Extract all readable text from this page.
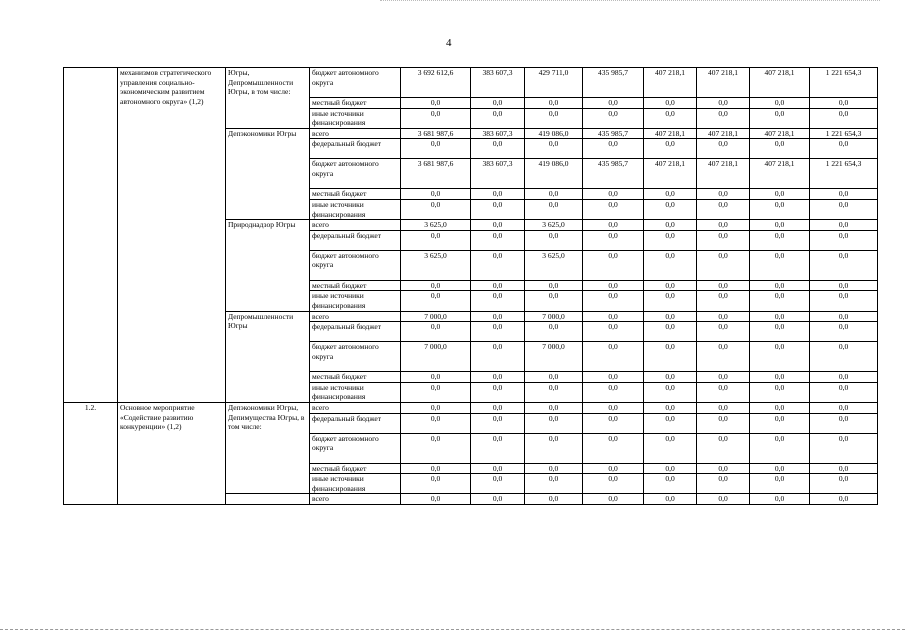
4
	механизмов стратегического управления социально-экономическим развитием автономного округа» (1,2)	Югры, Депромышленности Югры, в том числе:	бюджет автономного округа	3 692 612,6	383 607,3	429 711,0	435 985,7	407 218,1	407 218,1	407 218,1	1 221 654,3
			местный бюджет	0,0	0,0	0,0	0,0	0,0	0,0	0,0	0,0
			иные источники финансирования	0,0	0,0	0,0	0,0	0,0	0,0	0,0	0,0
		Депэкономики Югры	всего	3 681 987,6	383 607,3	419 086,0	435 985,7	407 218,1	407 218,1	407 218,1	1 221 654,3
			федеральный бюджет	0,0	0,0	0,0	0,0	0,0	0,0	0,0	0,0
			бюджет автономного округа	3 681 987,6	383 607,3	419 086,0	435 985,7	407 218,1	407 218,1	407 218,1	1 221 654,3
			местный бюджет	0,0	0,0	0,0	0,0	0,0	0,0	0,0	0,0
			иные источники финансирования	0,0	0,0	0,0	0,0	0,0	0,0	0,0	0,0
		Природнадзор Югры	всего	3 625,0	0,0	3 625,0	0,0	0,0	0,0	0,0	0,0
			федеральный бюджет	0,0	0,0	0,0	0,0	0,0	0,0	0,0	0,0
			бюджет автономного округа	3 625,0	0,0	3 625,0	0,0	0,0	0,0	0,0	0,0
			местный бюджет	0,0	0,0	0,0	0,0	0,0	0,0	0,0	0,0
			иные источники финансирования	0,0	0,0	0,0	0,0	0,0	0,0	0,0	0,0
		Депромышленности Югры	всего	7 000,0	0,0	7 000,0	0,0	0,0	0,0	0,0	0,0
			федеральный бюджет	0,0	0,0	0,0	0,0	0,0	0,0	0,0	0,0
			бюджет автономного округа	7 000,0	0,0	7 000,0	0,0	0,0	0,0	0,0	0,0
			местный бюджет	0,0	0,0	0,0	0,0	0,0	0,0	0,0	0,0
			иные источники финансирования	0,0	0,0	0,0	0,0	0,0	0,0	0,0	0,0
1.2.	Основное мероприятие «Содействие развитию конкуренции» (1,2)	Депэкономики Югры, Депимущества Югры, в том числе:	всего	0,0	0,0	0,0	0,0	0,0	0,0	0,0	0,0
			федеральный бюджет	0,0	0,0	0,0	0,0	0,0	0,0	0,0	0,0
			бюджет автономного округа	0,0	0,0	0,0	0,0	0,0	0,0	0,0	0,0
			местный бюджет	0,0	0,0	0,0	0,0	0,0	0,0	0,0	0,0
			иные источники финансирования	0,0	0,0	0,0	0,0	0,0	0,0	0,0	0,0
			всего	0,0	0,0	0,0	0,0	0,0	0,0	0,0	0,0
